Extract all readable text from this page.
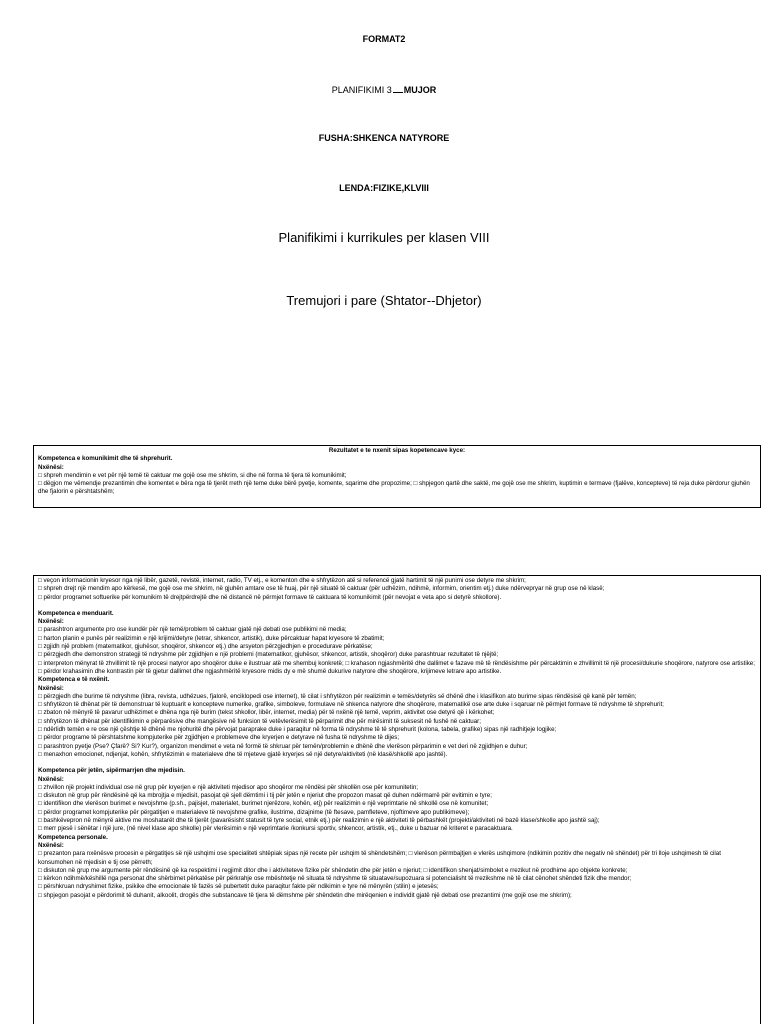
FORMAT2
PLANIFIKIMI 3 MUJOR
FUSHA:SHKENCA NATYRORE
LENDA:FIZIKE,KLVIII
Planifikimi i kurrikules per klasen VIII
Tremujori i pare (Shtator--Dhjetor)
Rezultatet e te nxenit sipas kopetencave kyce:
Kompetenca e komunikimit dhe të shprehurit.
Nxënësi:

□ shpreh mendimin e vet për një temë të caktuar me gojë ose me shkrim, si dhe në forma të tjera të komunikimit;

□ dëgjon me vëmendje prezantimin dhe komentet e bëra nga të tjerët rreth një teme duke bërë pyetje, komente, sqarime dhe propozime; □ shpjegon qartë dhe saktë, me gojë ose me shkrim, kuptimin e termave (fjalëve, koncepteve) të reja duke përdorur gjuhën dhe fjalorin e përshtatshëm;

□ veçon informacionin kryesor nga një libër, gazetë, revistë, internet, radio, TV etj., e komenton dhe e shfrytëzon atë si referencë gjatë hartimit të një punimi ose detyre me shkrim;

□ shpreh drejt një mendim apo kërkesë, me gojë ose me shkrim, në gjuhën amtare ose të huaj, për një situatë të caktuar (për udhëzim, ndihmë, informim, orientim etj.) duke ndërveprуar në grup ose në klasë;

□ përdor programet softuerike për komunikim të drejtpërdrejtë dhe në distancë në përmjet formave të caktuara të komunikimit (për nevojat e veta apo si detyrë shkollore).

Kompetenca e menduarit.
Nxënësi:

□ parashtron argumente pro ose kundër për një temë/problem të caktuar gjatë një debati ose publikimi në media;

□ harton planin e punës për realizimin e një krijimi/detyre (letrar, shkencor, artistik), duke përcaktuar hapat kryesore të zbatimit;

□ zgjidh një problem (matematikor, gjuhësor, shoqëror, shkencor etj.) dhe arsyeton përzgjedhjen e procedurave përkatëse;

□ përzgjedh dhe demonstron strategji të ndryshme për zgjidhjen e një problemi (matematikor, gjuhësor, shkencor, artistik, shoqëror) duke parashtruar rezultatet të njëjtë;

□ interpreton mënyrat të zhvillimit të një procesi natyror apo shoqëror duke e ilustruar atë me shembuj konkretë; □ krahason ngjashmëritë dhe dallimet e fazave më të rëndësishme për përcaktimin e zhvillimit të një procesi/dukurie shoqërore, natyrore ose artistike;

□ përdor krahasimin dhe kontrastin për të gjetur dallimet dhe ngjashmëritë kryesore midis dy e më shumë dukurive natyrore dhe shoqërore, krijimeve letrare apo artistike.

Kompetenca e të nxënit.
Nxënësi:

□ përzgjedh dhe burime të ndryshme (libra, revista, udhëzues, fjalorë, enciklopedi ose internet), të cilat i shfrytëzon për realizimin e temës/detyrës së dhënë dhe i klasifikon ato burime sipas rëndësisë që kanë për temën;

□ shfrytëzon të dhënat për të demonstruar të kuptuarit e koncepteve numerike, grafike, simboleve, formulave në shkenca natyrore dhe shoqërore, matematikë ose arte duke i sqaruar në përmjet formave të ndryshme të shprehurit;

□ zbaton në mënyrë të pavarur udhëzimet e dhëna nga një burim (tekst shkollor, libër, internet, media) për të nxënë një temë, veprim, aktivitet ose detyrë që i kërkohet;

□ shfrytëzon të dhënat për identifikimin e përparësive dhe mangësive në funksion të vetëvlerësimit të përparimit dhe për mirësimit të suksesit në fushë në caktuar;

□ ndërlidh temën e re ose një çështje të dhënë me njohuritë dhe përvojat paraprake duke i paraqitur në forma të ndryshme të të shprehurit (kolona, tabela, grafike) sipas një radhitjeje logjike;

□ përdor programe të përshtatshme kompjuterike për zgjidhjen e problemeve dhe kryerjen e detyrave në fusha të ndryshme të dijes;

□ parashtron pyetje (Pse? Çfarë? Si? Kur?), organizon mendimet e veta në formë të shkruar për temën/problemin e dhënë dhe vlerëson përparimin e vet deri në zgjidhjen e duhur;

□ menaxhon emocionet, ndjenjat, kohën, shfrytëzimin e materialeve dhe të mjeteve gjatë kryerjes së një detyre/aktiviteti (në klasë/shkollë apo jashtë).

Kompetenca për jetën, sipërmarrjen dhe mjedisin.
Nxënësi:

□ zhvillon një projekt individual ose në grup për kryerjen e një aktiviteti mjedisor apo shoqëror me rëndësi për shkollën ose për komunitetin;

□ diskuton në grup për rëndësinë që ka mbrojtja e mjedisit, pasojat që sjell dëmtimi i tij për jetën e njeriut dhe propozon masat që duhen ndërmarrë për evitimin e tyre;

□ identifikon dhe vlerëson burimet e nevojshme (p.sh., pajisjet, materialet, burimet njerëzore, kohën, etj) për realizimin e një veprimtarie në shkollë ose në komunitet;

□ përdor programet kompjuterike për përgatitjen e materialeve të nevojshme grafike, ilustrime, dizajnime (të ftesave, pamfleteve, njoftimeve apo publikimeve);

□ bashkëvepron në mënyrë aktive me moshatarët dhe të tjerët (pavarësisht statusit të tyre social, etnik etj.) për realizimin e një aktiviteti të përbashkët (projekti/aktiviteti në bazë klase/shkolle apo jashtë saj);

□ merr pjesë i sënëtar i një jure, (në nivel klase apo shkolle) për vlerësimin e një veprimtarie /konkursi sportiv, shkencor, artistik, etj., duke u bazuar në kriteret e paracaktuara.

Kompetenca personale.
Nxënësi:

□ prezanton para nxënësve procesin e përgatitjes së një ushqimi ose specialiteti shtëpiak sipas një recete për ushqim të shëndetshëm; □ vlerëson përmbajtjen e vlerës ushqimore (ndikimin pozitiv dhe negativ në shëndet) për tri lloje ushqimesh të cilat konsumohen në mjedisin e tij ose përreth;

□ diskuton në grup me argumente për rëndësinë që ka respektimi i regjimit ditor dhe i aktiviteteve fizike për shëndetin dhe për jetën e njeriut; □ identifikon shenjat/simbolet e rrezikut në prodhime apo objekte konkrete;

□ kërkon ndihmë/këshillë nga personat dhe shërbimet përkatëse për përkrahje ose mbështetje në situata të ndryshme të situatave/supozuara si potencialisht të rrezikshme në të cilat cënohet shëndeti fizik dhe mendor;

□ përshkruan ndryshimet fizike, psikike dhe emocionale të fazës së pubertetit duke paraqitur fakte për ndikimin e tyre në mënyrën (stilin) e jetesës;

□ shpjegon pasojat e përdorimit të duhanit, alkoolit, drogës dhe substancave të tjera të dëmshme për shëndetin dhe mirëqenien e individit gjatë një debati ose prezantimi (me gojë ose me shkrim);
